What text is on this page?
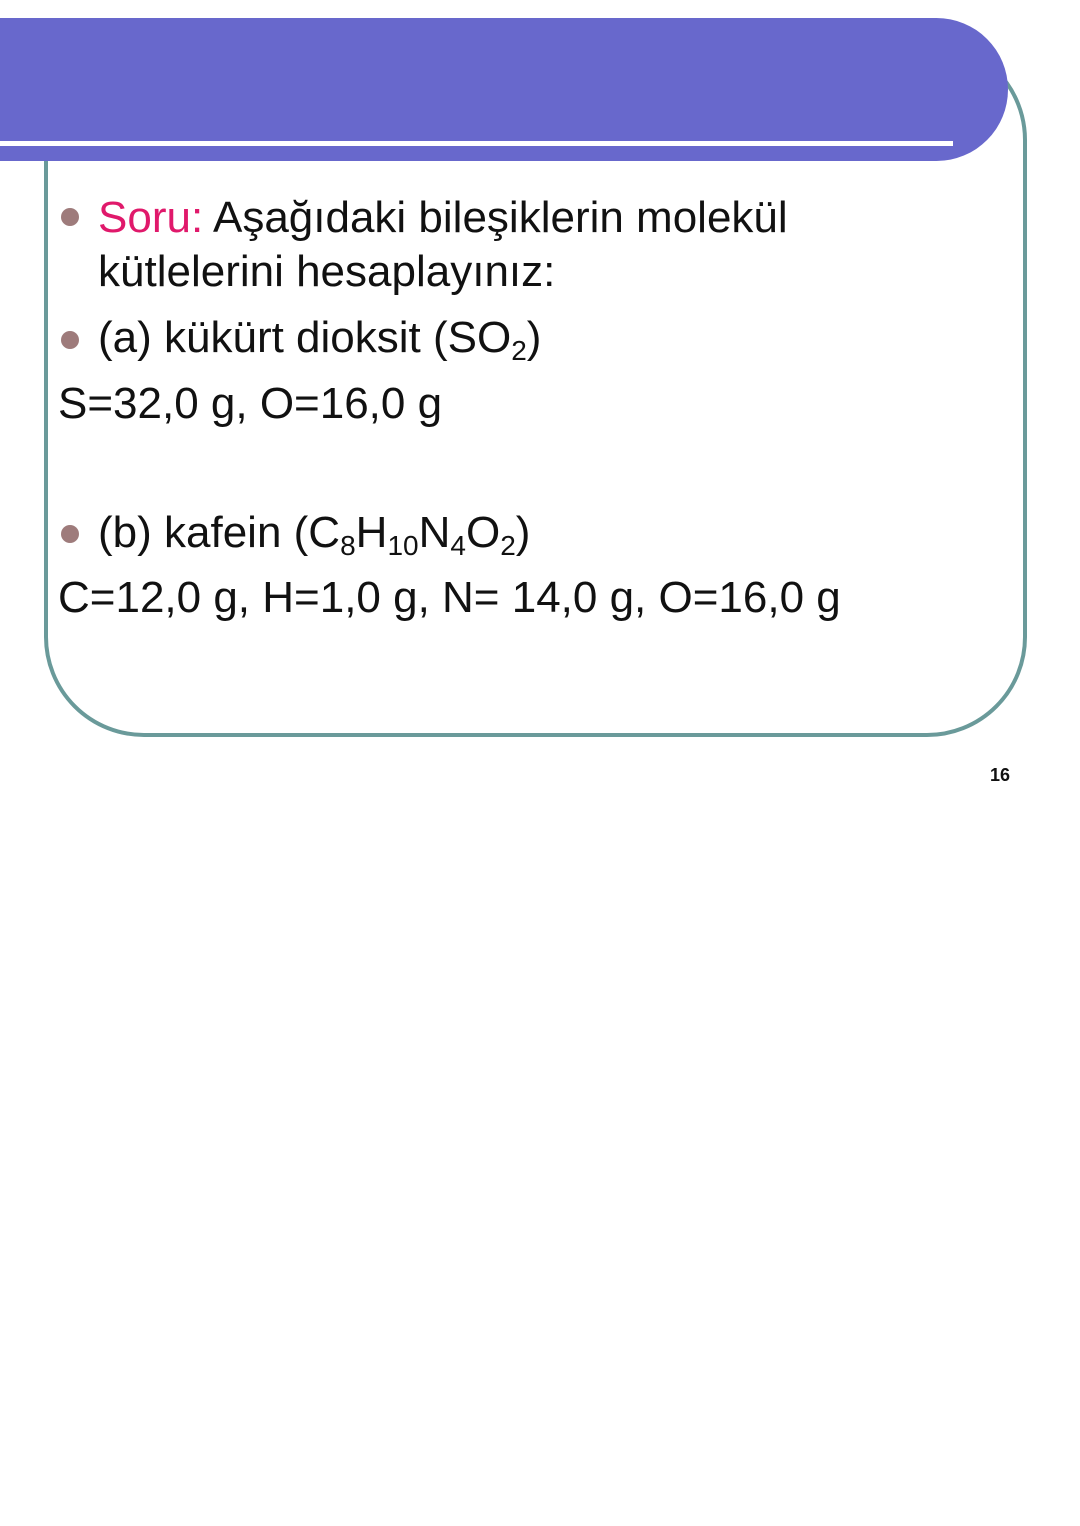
Soru: Aşağıdaki bileşiklerin molekül
kütlelerini hesaplayınız:
(a) kükürt dioksit $(SO_2)$
S=32,0 g, O=16,0 g
(b) kafein $(C_8H_{10}N_4O_2)$
C=12,0 g, H=1,0 g, N= 14,0 g, O=16,0 g
16
